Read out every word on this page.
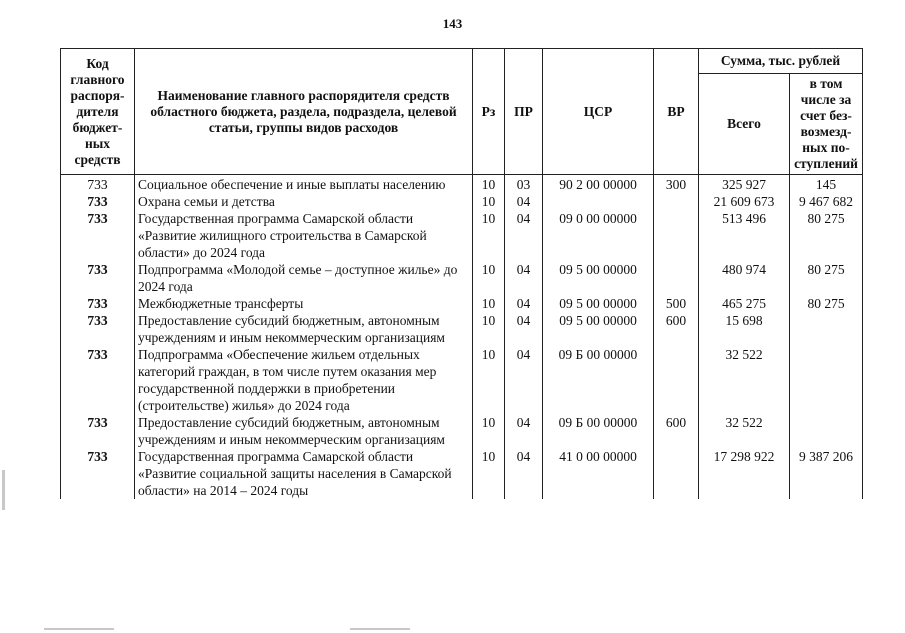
143
Код главного распоря-дителя бюджет-ных средств	Наименование главного распорядителя средств областного бюджета, раздела, подраздела, целевой статьи, группы видов расходов	Рз	ПР	ЦСР	ВР	Сумма, тыс. рублей	
						Всего	в том числе за счет без-возмезд-ных по-ступлений
733	Социальное обеспечение и иные выплаты населению	10	03	90 2 00 00000	300	325 927	145
733	Охрана семьи и детства	10	04			21 609 673	9 467 682
733	Государственная программа Самарской области «Развитие жилищного строительства в Самарской области» до 2024 года	10	04	09 0 00 00000		513 496	80 275
733	Подпрограмма «Молодой семье – доступное жилье» до 2024 года	10	04	09 5 00 00000		480 974	80 275
733	Межбюджетные трансферты	10	04	09 5 00 00000	500	465 275	80 275
733	Предоставление субсидий бюджетным, автономным учреждениям и иным некоммерческим организациям	10	04	09 5 00 00000	600	15 698	
733	Подпрограмма «Обеспечение жильем отдельных категорий граждан, в том числе путем оказания мер государственной поддержки в приобретении (строительстве) жилья» до 2024 года	10	04	09 Б 00 00000		32 522	
733	Предоставление субсидий бюджетным, автономным учреждениям и иным некоммерческим организациям	10	04	09 Б 00 00000	600	32 522	
733	Государственная программа Самарской области «Развитие социальной защиты населения в Самарской области» на 2014 – 2024 годы	10	04	41 0 00 00000		17 298 922	9 387 206
